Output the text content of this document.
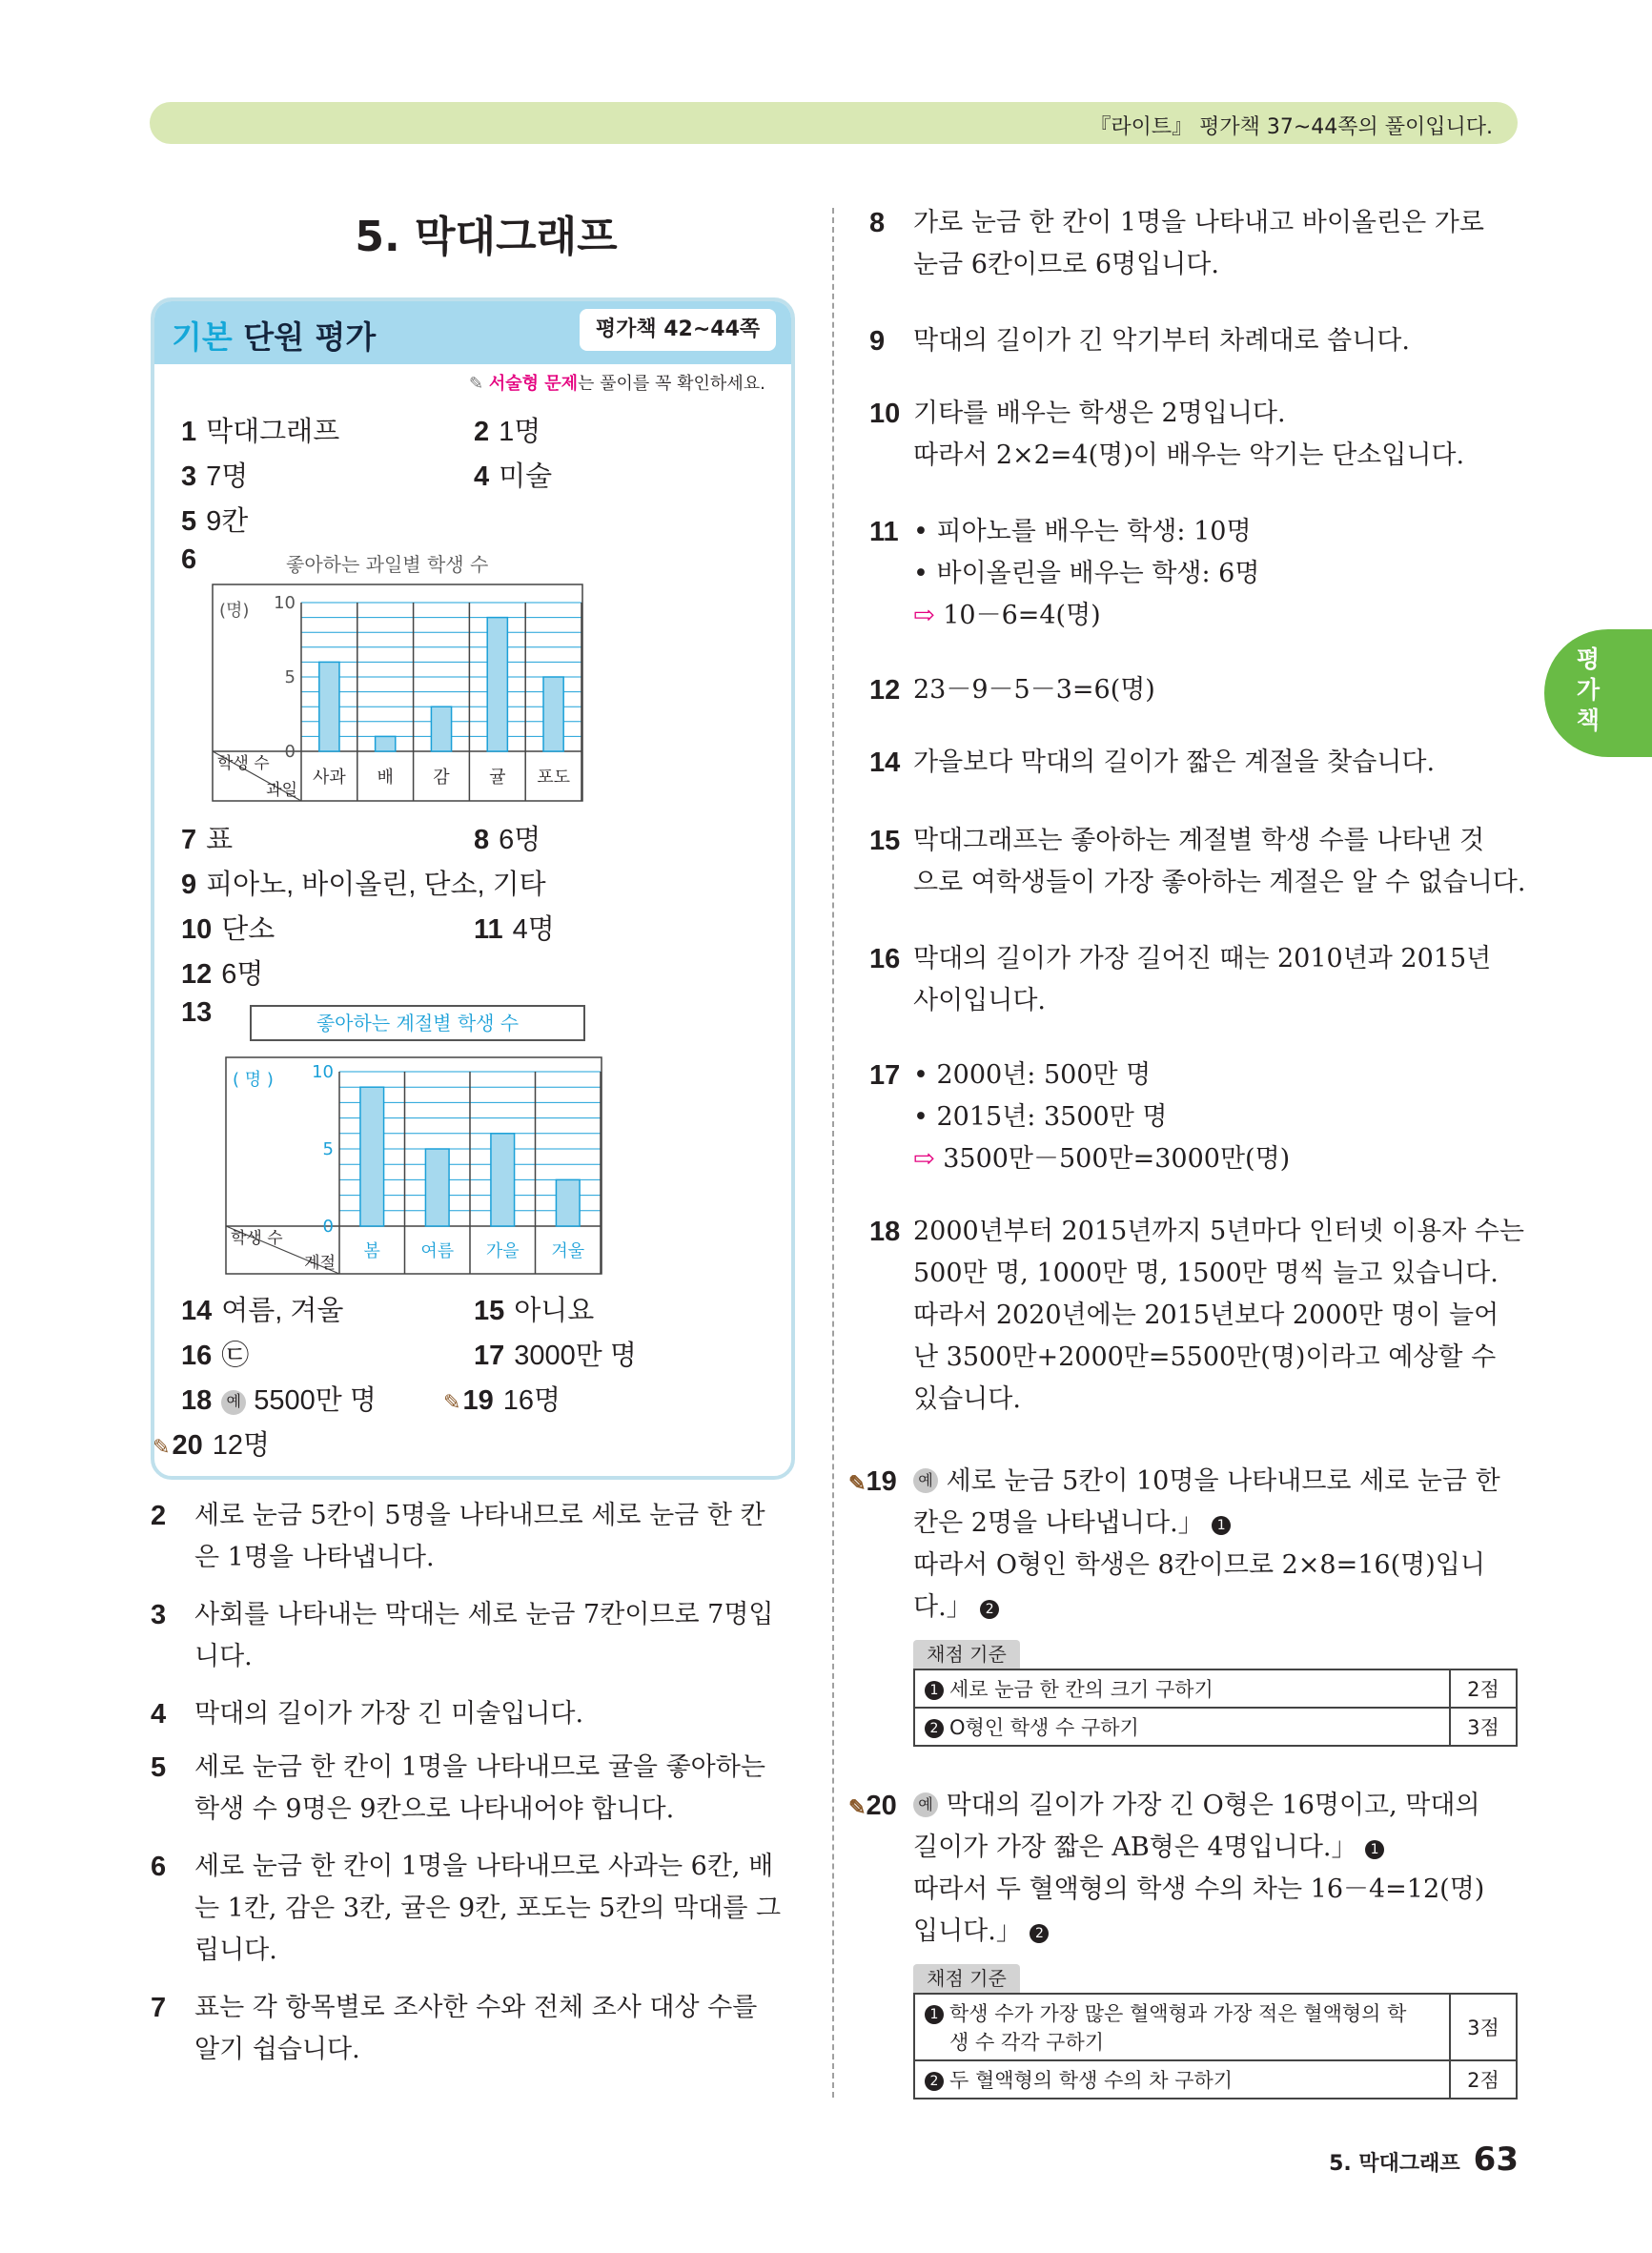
『라이트』 평가책 37~44쪽의 풀이입니다.
평가책
5. 막대그래프
기본 단원 평가	평가책 42~44쪽
✎ 서술형 문제는 풀이를 꼭 확인하세요.
1 막대그래프	2 1명
3 7명	4 미술
5 9칸
6
7 표	8 6명
9 피아노, 바이올린, 단소, 기타
10 단소	11 4명
12 6명
13
14 여름, 겨울	15 아니요
16 ㉢	17 3000만 명
18 예 5500만 명	✎19 16명
✎20 12명
좋아하는 과일별 학생 수
사과 배 감 귤 포도
10
5
0
(명)
학생 수
과일
좋아하는 계절별 학생 수
봄 여름 가을 겨울
10
5
0
( 명 )
학생 수
계절
2 세로 눈금 5칸이 5명을 나타내므로 세로 눈금 한 칸
은 1명을 나타냅니다.
3 사회를 나타내는 막대는 세로 눈금 7칸이므로 7명입
니다.
4 막대의 길이가 가장 긴 미술입니다.
5 세로 눈금 한 칸이 1명을 나타내므로 귤을 좋아하는
학생 수 9명은 9칸으로 나타내어야 합니다.
6 세로 눈금 한 칸이 1명을 나타내므로 사과는 6칸, 배
는 1칸, 감은 3칸, 귤은 9칸, 포도는 5칸의 막대를 그
립니다.
7 표는 각 항목별로 조사한 수와 전체 조사 대상 수를
알기 쉽습니다.
8 가로 눈금 한 칸이 1명을 나타내고 바이올린은 가로
눈금 6칸이므로 6명입니다.
9 막대의 길이가 긴 악기부터 차례대로 씁니다.
10 기타를 배우는 학생은 2명입니다.
따라서 2×2=4(명)이 배우는 악기는 단소입니다.
11 • 피아노를 배우는 학생: 10명
• 바이올린을 배우는 학생: 6명
⇨ 10－6=4(명)
12 23－9－5－3=6(명)
14 가을보다 막대의 길이가 짧은 계절을 찾습니다.
15 막대그래프는 좋아하는 계절별 학생 수를 나타낸 것
으로 여학생들이 가장 좋아하는 계절은 알 수 없습니다.
16 막대의 길이가 가장 길어진 때는 2010년과 2015년
사이입니다.
17 • 2000년: 500만 명
• 2015년: 3500만 명
⇨ 3500만－500만=3000만(명)
18 2000년부터 2015년까지 5년마다 인터넷 이용자 수는
500만 명, 1000만 명, 1500만 명씩 늘고 있습니다.
따라서 2020년에는 2015년보다 2000만 명이 늘어
난 3500만+2000만=5500만(명)이라고 예상할 수
있습니다.
✎19	예 세로 눈금 5칸이 10명을 나타내므로 세로 눈금 한
칸은 2명을 나타냅니다.」 1
따라서 O형인 학생은 8칸이므로 2×8=16(명)입니
다.」 2
채점 기준
1 세로 눈금 한 칸의 크기 구하기	2점
2 O형인 학생 수 구하기	3점
✎20	예 막대의 길이가 가장 긴 O형은 16명이고, 막대의
길이가 가장 짧은 AB형은 4명입니다.」 1
따라서 두 혈액형의 학생 수의 차는 16－4=12(명)
입니다.」 2
채점 기준
1 학생 수가 가장 많은 혈액형과 가장 적은 혈액형의 학
생 수 각각 구하기	3점
2 두 혈액형의 학생 수의 차 구하기	2점
5. 막대그래프 63
